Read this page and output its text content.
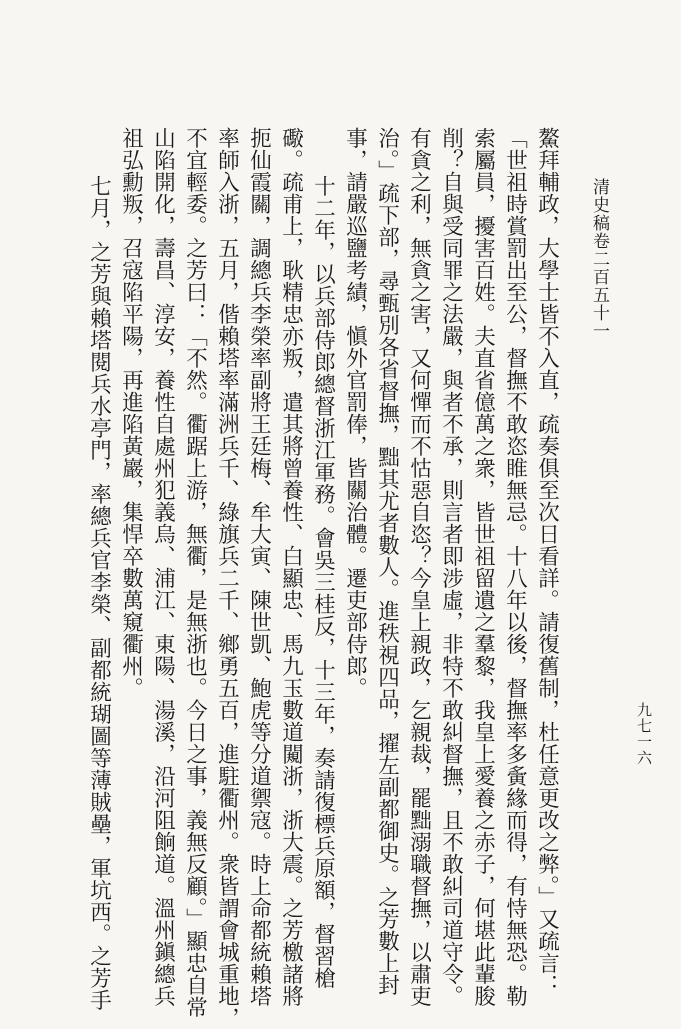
清史稿卷二百五十一
九七一六
鰲拜輔政，大學士皆不入直，疏奏俱至次日看詳。請復舊制，杜任意更改之弊。」又疏言：
「世祖時賞罰出至公，督撫不敢恣睢無忌。十八年以後，督撫率多夤緣而得，有恃無恐。勒
索屬員，擾害百姓。夫直省億萬之衆，皆世祖留遺之羣黎，我皇上愛養之赤子，何堪此輩朘
削？自與受同罪之法嚴，與者不承，則言者即涉虛，非特不敢糾督撫，且不敢糾司道守令。
有貪之利，無貪之害，又何憚而不怙惡自恣？今皇上親政，乞親裁，罷黜溺職督撫，以肅吏
治。」疏下部，尋甄別各省督撫，黜其尤者數人。進秩視四品，擢左副都御史。之芳數上封
事，請嚴巡鹽考績，愼外官罰俸，皆關治體。遷吏部侍郎。
十二年，以兵部侍郎總督浙江軍務。會吳三桂反，十三年，奏請復標兵原額，督習槍
礮。疏甫上，耿精忠亦叛，遣其將曾養性、白顯忠、馬九玉數道闚浙，浙大震。之芳檄諸將
扼仙霞關，調總兵李榮率副將王廷梅、牟大寅、陳世凱、鮑虎等分道禦寇。時上命都統賴塔
率師入浙，五月，偕賴塔率滿洲兵千、綠旗兵二千、鄉勇五百，進駐衢州。衆皆謂會城重地，
不宜輕委。之芳曰：「不然。衢踞上游，無衢，是無浙也。今日之事，義無反顧。」顯忠自常
山陷開化，壽昌、淳安，養性自處州犯義烏、浦江、東陽、湯溪，沿河阻餉道。溫州鎭總兵
祖弘勳叛，召寇陷平陽，再進陷黃巖，集悍卒數萬窺衢州。
七月，之芳與賴塔閱兵水亭門，率總兵官李榮、副都統瑚圖等薄賊壘，軍坑西。之芳手
